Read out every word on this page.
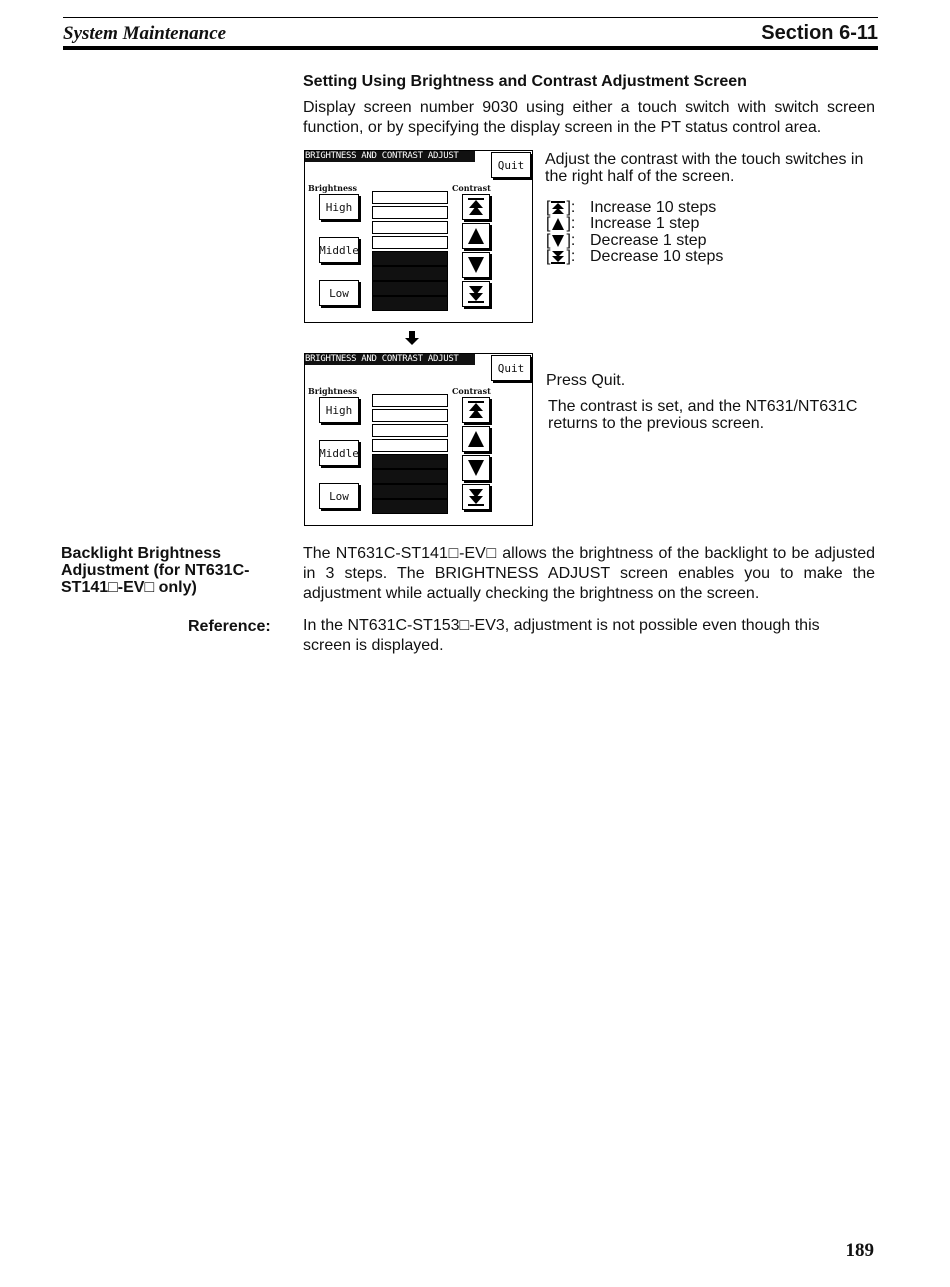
System Maintenance	Section 6-11
Setting Using Brightness and Contrast Adjustment Screen
Display screen number 9030 using either a touch switch with switch screen function, or by specifying the display screen in the PT status control area.
BRIGHTNESS AND CONTRAST ADJUST
Quit
Brightness	Contrast
High
Middle
Low
Adjust the contrast with the touch switches in the right half of the screen.
[ ]: Increase 10 steps
[ ]: Increase 1 step
[ ]: Decrease 1 step
[ ]: Decrease 10 steps
BRIGHTNESS AND CONTRAST ADJUST
Quit
Brightness	Contrast
High
Middle
Low
Press Quit.
The contrast is set, and the NT631/NT631C returns to the previous screen.
Backlight Brightness Adjustment (for NT631C-ST141□-EV□ only)
The NT631C-ST141□-EV□ allows the brightness of the backlight to be adjusted in 3 steps. The BRIGHTNESS ADJUST screen enables you to make the adjustment while actually checking the brightness on the screen.
Reference: In the NT631C-ST153□-EV3, adjustment is not possible even though this screen is displayed.
189
